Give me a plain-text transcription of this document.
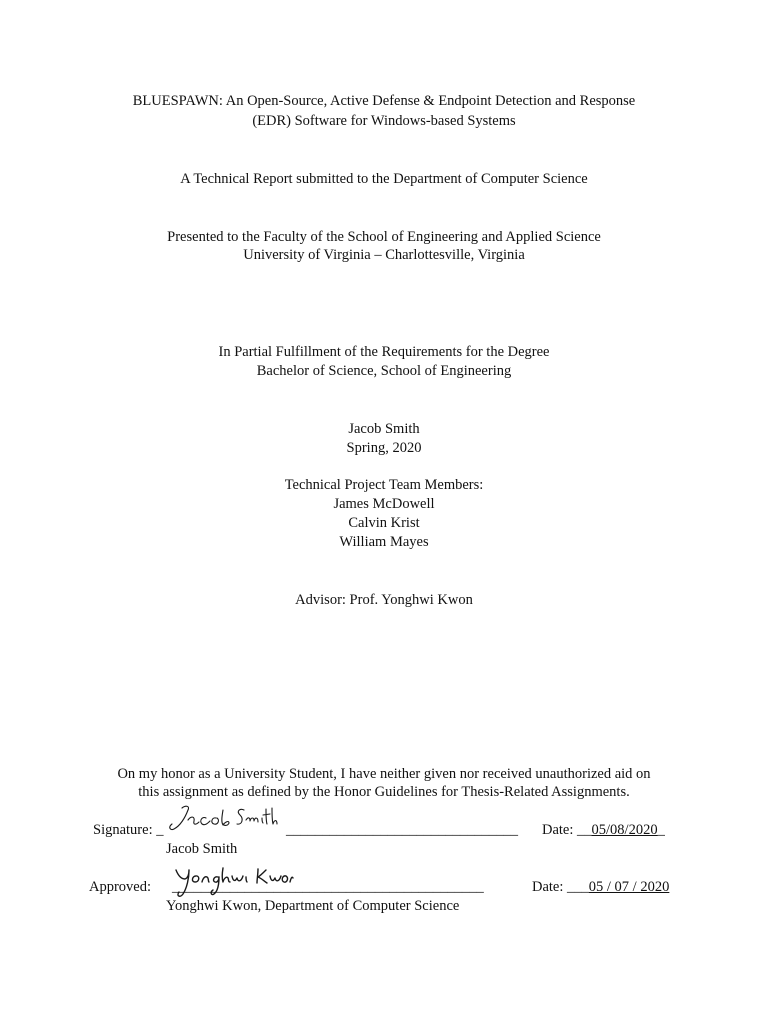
BLUESPAWN: An Open-Source, Active Defense & Endpoint Detection and Response
(EDR) Software for Windows-based Systems
A Technical Report submitted to the Department of Computer Science
Presented to the Faculty of the School of Engineering and Applied Science
University of Virginia – Charlottesville, Virginia
In Partial Fulfillment of the Requirements for the Degree
Bachelor of Science, School of Engineering
Jacob Smith
Spring, 2020
Technical Project Team Members:
James McDowell
Calvin Krist
William Mayes
Advisor: Prof. Yonghwi Kwon
On my honor as a University Student, I have neither given nor received unauthorized aid on
this assignment as defined by the Honor Guidelines for Thesis-Related Assignments.
Signature: _	________________________________ Date: __05/08/2020_
Jacob Smith
Approved: ___________________________________________	Date: ___05 / 07 / 2020
Yonghwi Kwon, Department of Computer Science
